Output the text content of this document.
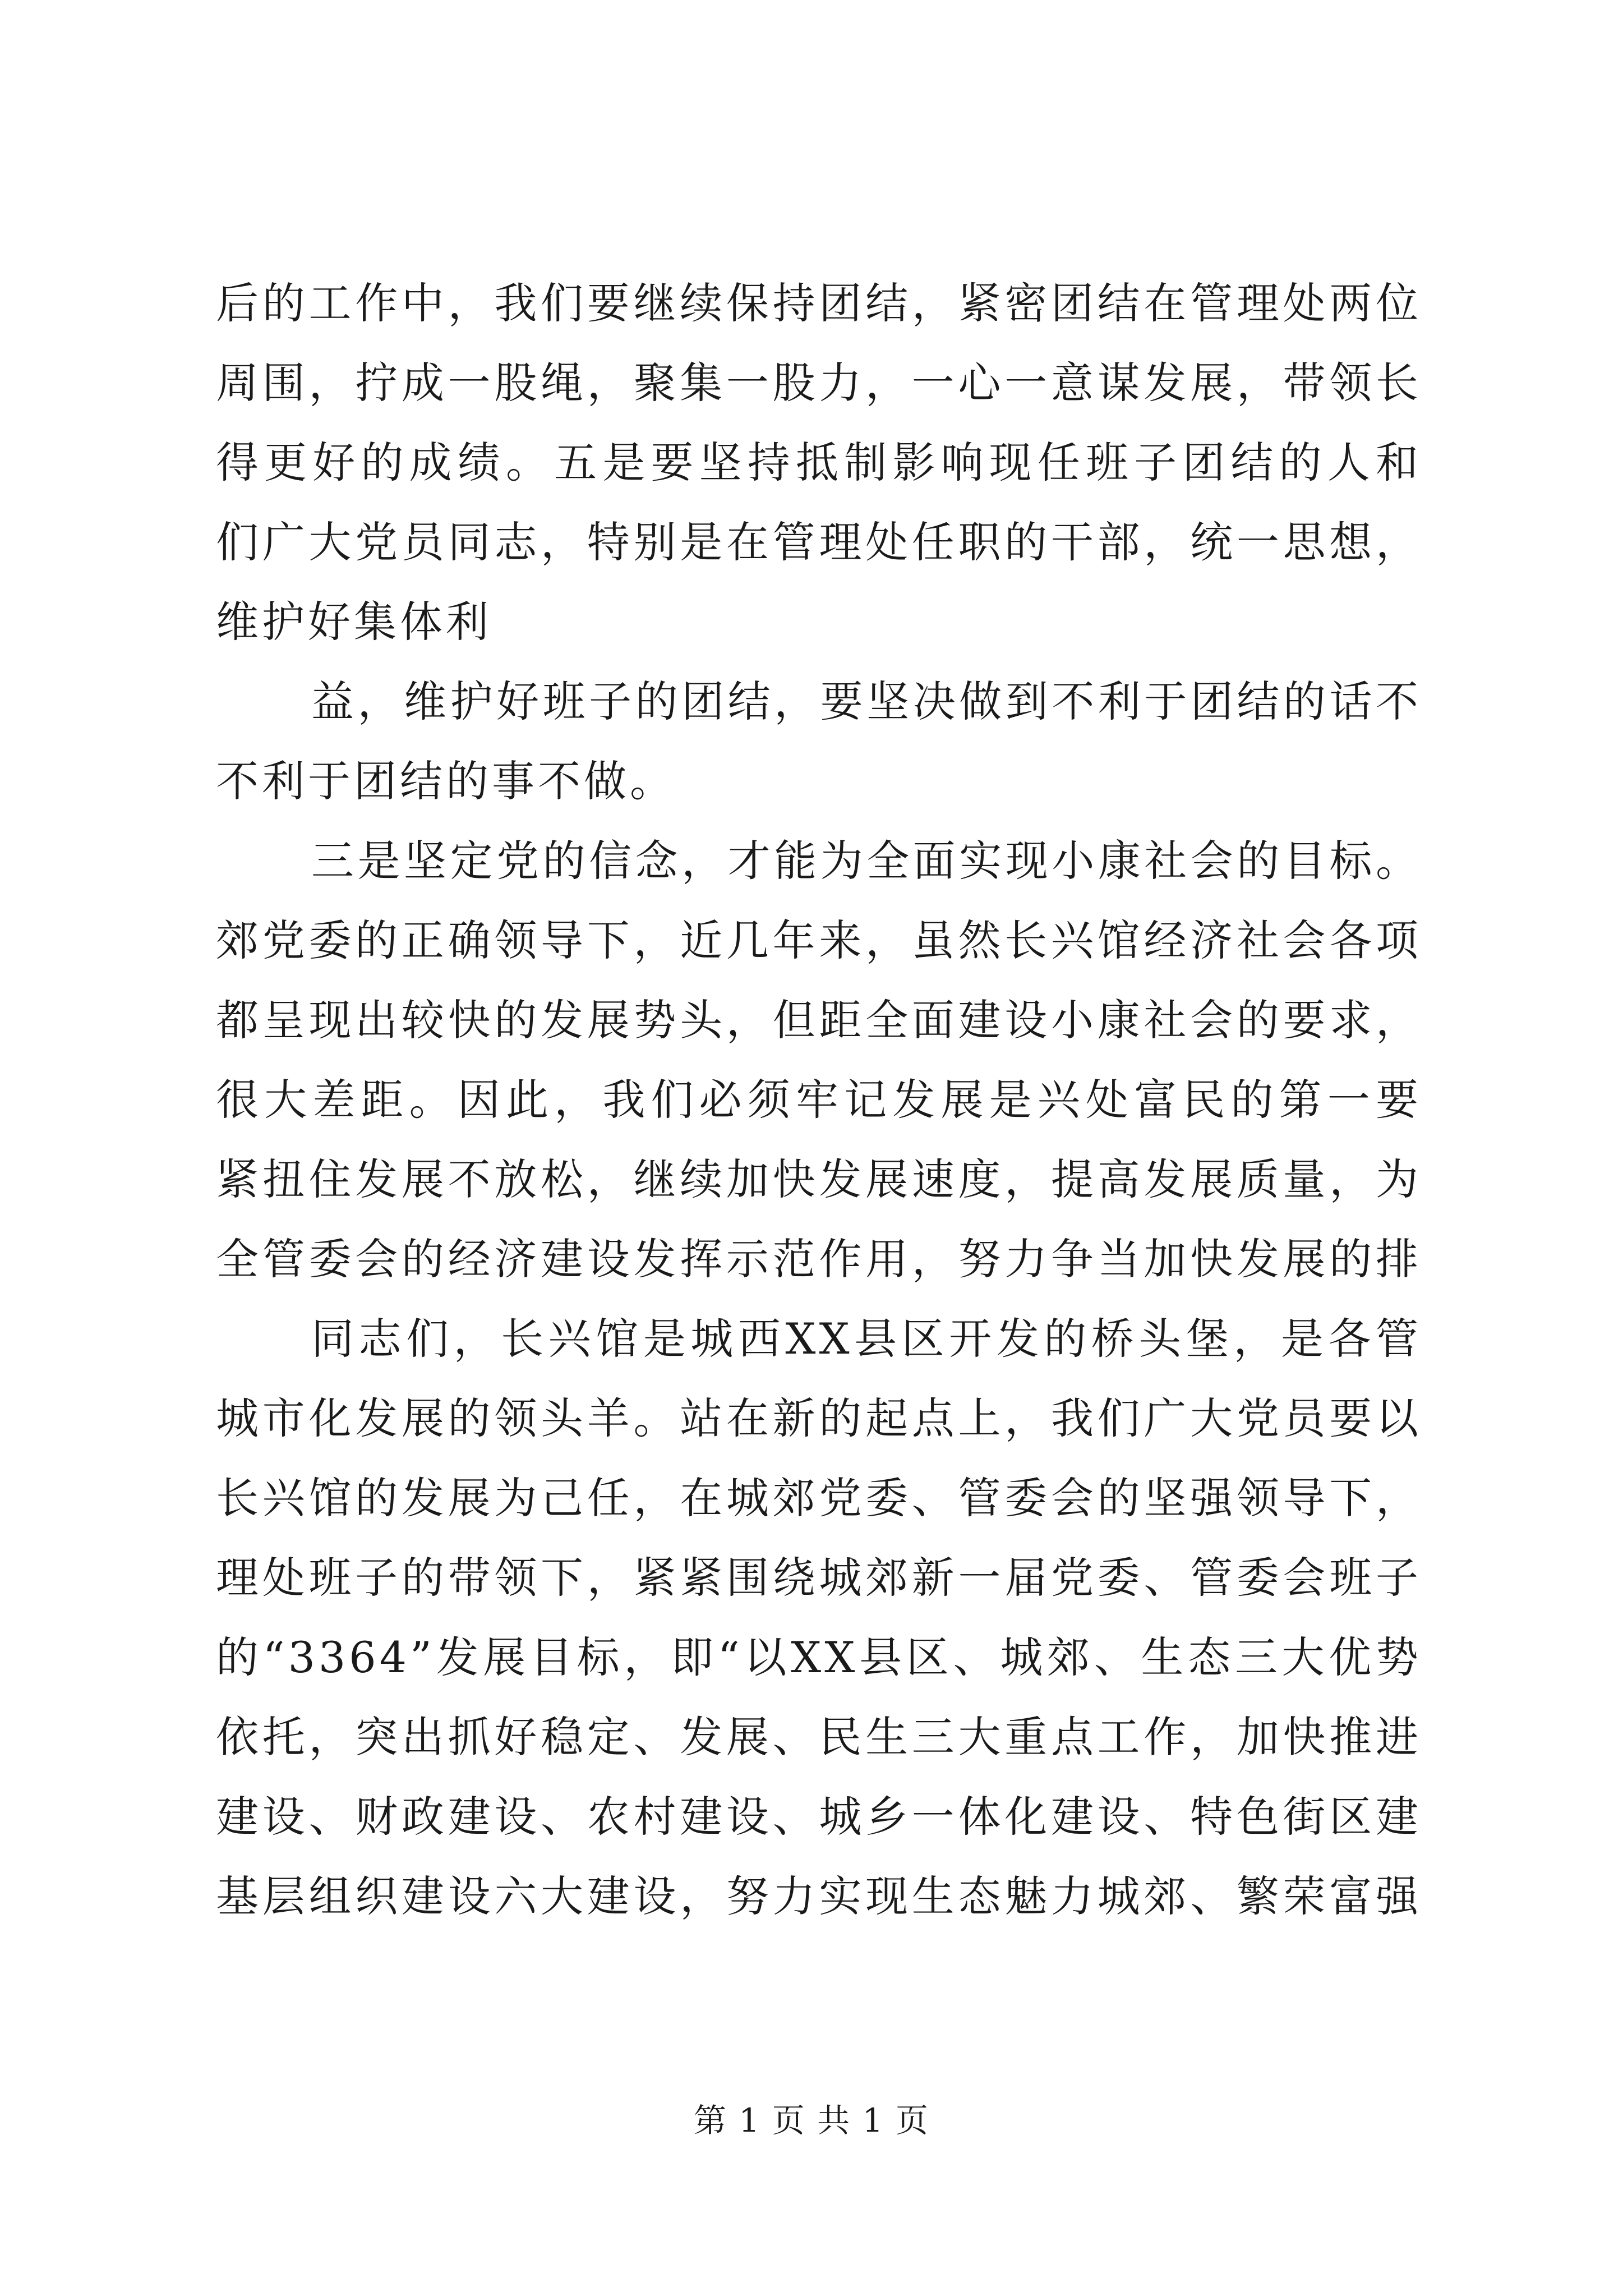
后的工作中，我们要继续保持团结，紧密团结在管理处两位
周围，拧成一股绳，聚集一股力，一心一意谋发展，带领长
得更好的成绩。五是要坚持抵制影响现任班子团结的人和
们广大党员同志，特别是在管理处任职的干部，统一思想，
维护好集体利
益，维护好班子的团结，要坚决做到不利于团结的话不
不利于团结的事不做。
三是坚定党的信念，才能为全面实现小康社会的目标。
郊党委的正确领导下，近几年来，虽然长兴馆经济社会各项
都呈现出较快的发展势头，但距全面建设小康社会的要求，
很大差距。因此，我们必须牢记发展是兴处富民的第一要
紧扭住发展不放松，继续加快发展速度，提高发展质量，为
全管委会的经济建设发挥示范作用，努力争当加快发展的排
同志们，长兴馆是城西XX县区开发的桥头堡，是各管
城市化发展的领头羊。站在新的起点上，我们广大党员要以
长兴馆的发展为己任，在城郊党委、管委会的坚强领导下，
理处班子的带领下，紧紧围绕城郊新一届党委、管委会班子
的“3364”发展目标，即“以XX县区、城郊、生态三大优势
依托，突出抓好稳定、发展、民生三大重点工作，加快推进
建设、财政建设、农村建设、城乡一体化建设、特色街区建
基层组织建设六大建设，努力实现生态魅力城郊、繁荣富强
第 1 页 共 1 页
